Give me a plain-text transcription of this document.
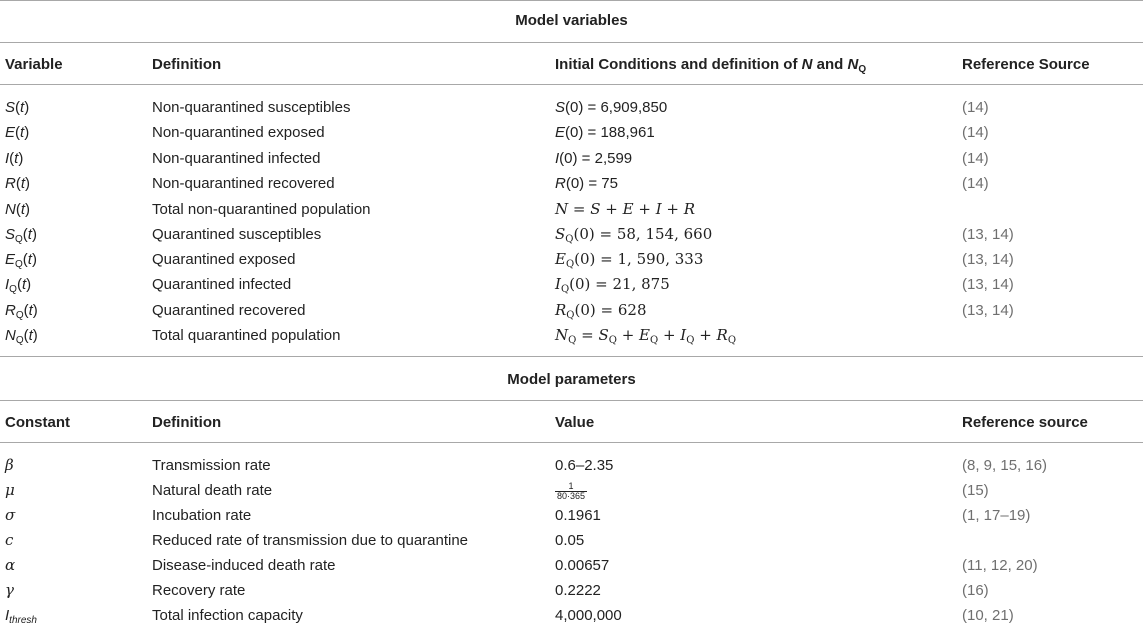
Model variables
Variable	Definition	Initial Conditions and definition of N and $N_Q$	Reference Source
S(t)	Non-quarantined susceptibles	S(0) = 6,909,850	(14)
E(t)	Non-quarantined exposed	E(0) = 188,961	(14)
I(t)	Non-quarantined infected	I(0) = 2,599	(14)
R(t)	Non-quarantined recovered	R(0) = 75	(14)
N(t)	Total non-quarantined population	N = S + E + I + R
$S_Q(t)$	Quarantined susceptibles	$S_Q(0) = 58$, 154, 660	(13, 14)
$E_Q(t)$	Quarantined exposed	$E_Q(0) = 1$, 590, 333	(13, 14)
$I_Q(t)$	Quarantined infected	$I_Q(0) = 21$, 875	(13, 14)
$R_Q(t)$	Quarantined recovered	$R_Q(0) = 628$	(13, 14)
$N_Q(t)$	Total quarantined population	$N_Q = S_Q + E_Q + I_Q + R_Q$
Model parameters
Constant	Definition	Value	Reference source
β	Transmission rate	0.6–2.35	(8, 9, 15, 16)
μ	Natural death rate	$\frac{1}{80\cdot 365}$	(15)
σ	Incubation rate	0.1961	(1, 17–19)
c	Reduced rate of transmission due to quarantine	0.05
α	Disease-induced death rate	0.00657	(11, 12, 20)
γ	Recovery rate	0.2222	(16)
$I_{thresh}$	Total infection capacity	4,000,000	(10, 21)
